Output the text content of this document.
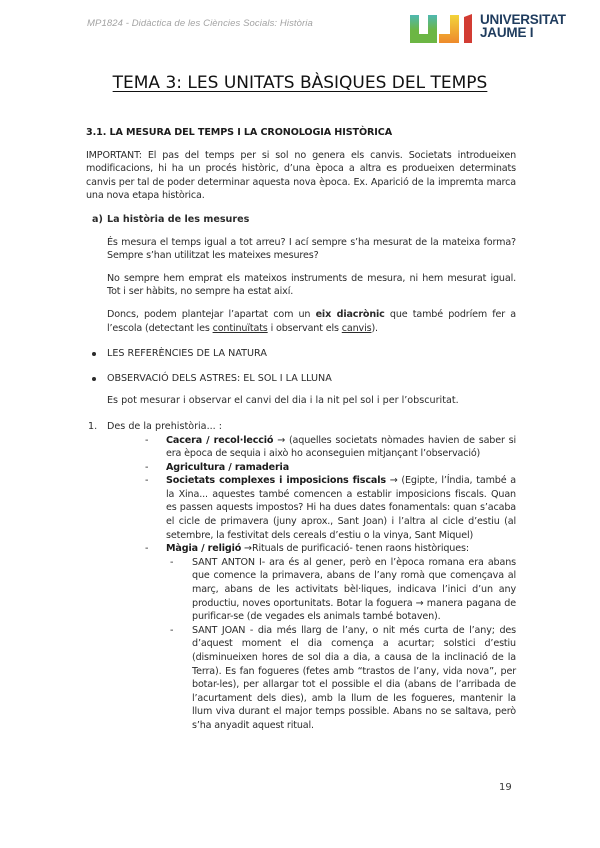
MP1824 - Didàctica de les Ciències Socials: Història	UNIVERSITAT
JAUME I
TEMA 3: LES UNITATS BÀSIQUES DEL TEMPS
3.1. LA MESURA DEL TEMPS I LA CRONOLOGIA HISTÒRICA

IMPORTANT: El pas del temps per si sol no genera els canvis. Societats introdueixen modificacions, hi ha un procés històric, d’una època a altra es produeixen determinats canvis per tal de poder determinar aquesta nova època. Ex. Aparició de la impremta marca una nova etapa històrica.

a) La història de les mesures

És mesura el temps igual a tot arreu? I ací sempre s’ha mesurat de la mateixa forma? Sempre s’han utilitzat les mateixes mesures?

No sempre hem emprat els mateixos instruments de mesura, ni hem mesurat igual. Tot i ser hàbits, no sempre ha estat així.

Doncs, podem plantejar l’apartat com un eix diacrònic que també podríem fer a l’escola (detectant les continuïtats i observant els canvis).

LES REFERÈNCIES DE LA NATURA
OBSERVACIÓ DELS ASTRES: EL SOL I LA LLUNA
Es pot mesurar i observar el canvi del dia i la nit pel sol i per l’obscuritat.
1. Des de la prehistòria... :
- Cacera / recol·lecció → (aquelles societats nòmades havien de saber si era època de sequia i això ho aconseguien mitjançant l’observació)
- Agricultura / ramaderia
- Societats complexes i imposicions fiscals → (Egipte, l’Índia, també a la Xina... aquestes també comencen a establir imposicions fiscals. Quan es passen aquests impostos? Hi ha dues dates fonamentals: quan s’acaba el cicle de primavera (juny aprox., Sant Joan) i l’altra al cicle d’estiu (al setembre, la festivitat dels cereals d’estiu o la vinya, Sant Miquel)
- Màgia / religió →Rituals de purificació- tenen raons històriques:
- SANT ANTON I- ara és al gener, però en l’època romana era abans que comence la primavera, abans de l’any romà que començava al març, abans de les activitats bèl·liques, indicava l’inici d’un any productiu, noves oportunitats. Botar la foguera → manera pagana de purificar-se (de vegades els animals també botaven).
- SANT JOAN - dia més llarg de l’any, o nit més curta de l’any; des d’aquest moment el dia comença a acurtar; solstici d’estiu (disminueixen hores de sol dia a dia, a causa de la inclinació de la Terra). Es fan fogueres (fetes amb “trastos de l’any, vida nova”, per botar-les), per allargar tot el possible el dia (abans de l’arribada de l’acurtament dels dies), amb la llum de les fogueres, mantenir la llum viva durant el major temps possible. Abans no se saltava, però s’ha anyadit aquest ritual.
19
